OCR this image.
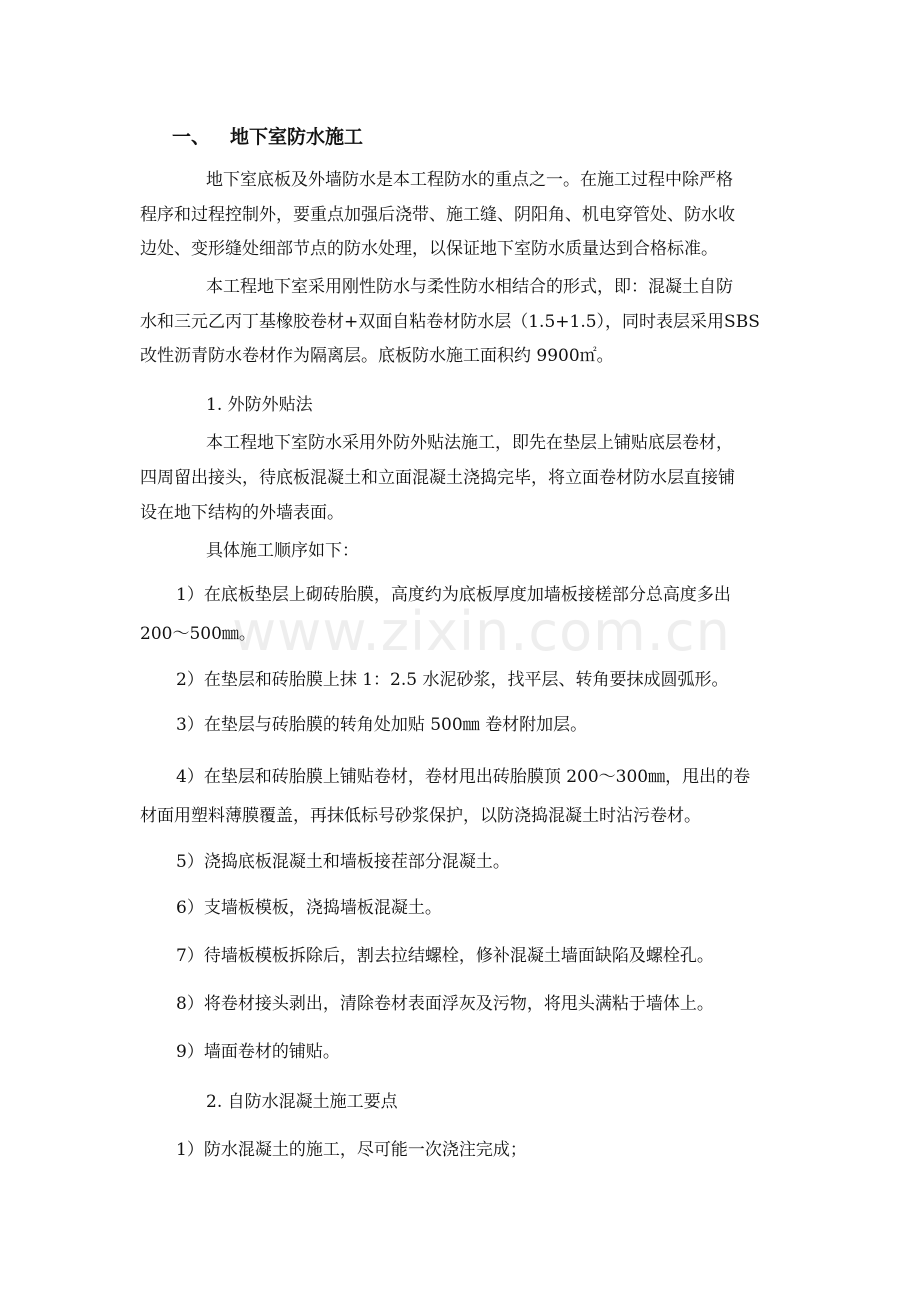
一、 地下室防水施工
地下室底板及外墙防水是本工程防水的重点之一。在施工过程中除严格
程序和过程控制外，要重点加强后浇带、施工缝、阴阳角、机电穿管处、防水收
边处、变形缝处细部节点的防水处理，以保证地下室防水质量达到合格标准。
本工程地下室采用刚性防水与柔性防水相结合的形式，即：混凝土自防
水和三元乙丙丁基橡胶卷材+双面自粘卷材防水层（1.5+1.5），同时表层采用SBS
改性沥青防水卷材作为隔离层。底板防水施工面积约 9900㎡。
1. 外防外贴法
本工程地下室防水采用外防外贴法施工，即先在垫层上铺贴底层卷材，
四周留出接头，待底板混凝土和立面混凝土浇捣完毕，将立面卷材防水层直接铺
设在地下结构的外墙表面。
具体施工顺序如下：
1）在底板垫层上砌砖胎膜，高度约为底板厚度加墙板接槎部分总高度多出
200～500㎜。
2）在垫层和砖胎膜上抹 1：2.5 水泥砂浆，找平层、转角要抹成圆弧形。
3）在垫层与砖胎膜的转角处加贴 500㎜ 卷材附加层。
4）在垫层和砖胎膜上铺贴卷材，卷材甩出砖胎膜顶 200～300㎜，甩出的卷
材面用塑料薄膜覆盖，再抹低标号砂浆保护，以防浇捣混凝土时沾污卷材。
5）浇捣底板混凝土和墙板接茬部分混凝土。
6）支墙板模板，浇捣墙板混凝土。
7）待墙板模板拆除后，割去拉结螺栓，修补混凝土墙面缺陷及螺栓孔。
8）将卷材接头剥出，清除卷材表面浮灰及污物，将甩头满粘于墙体上。
9）墙面卷材的铺贴。
2. 自防水混凝土施工要点
1）防水混凝土的施工，尽可能一次浇注完成；
www.zixin.com.cn
